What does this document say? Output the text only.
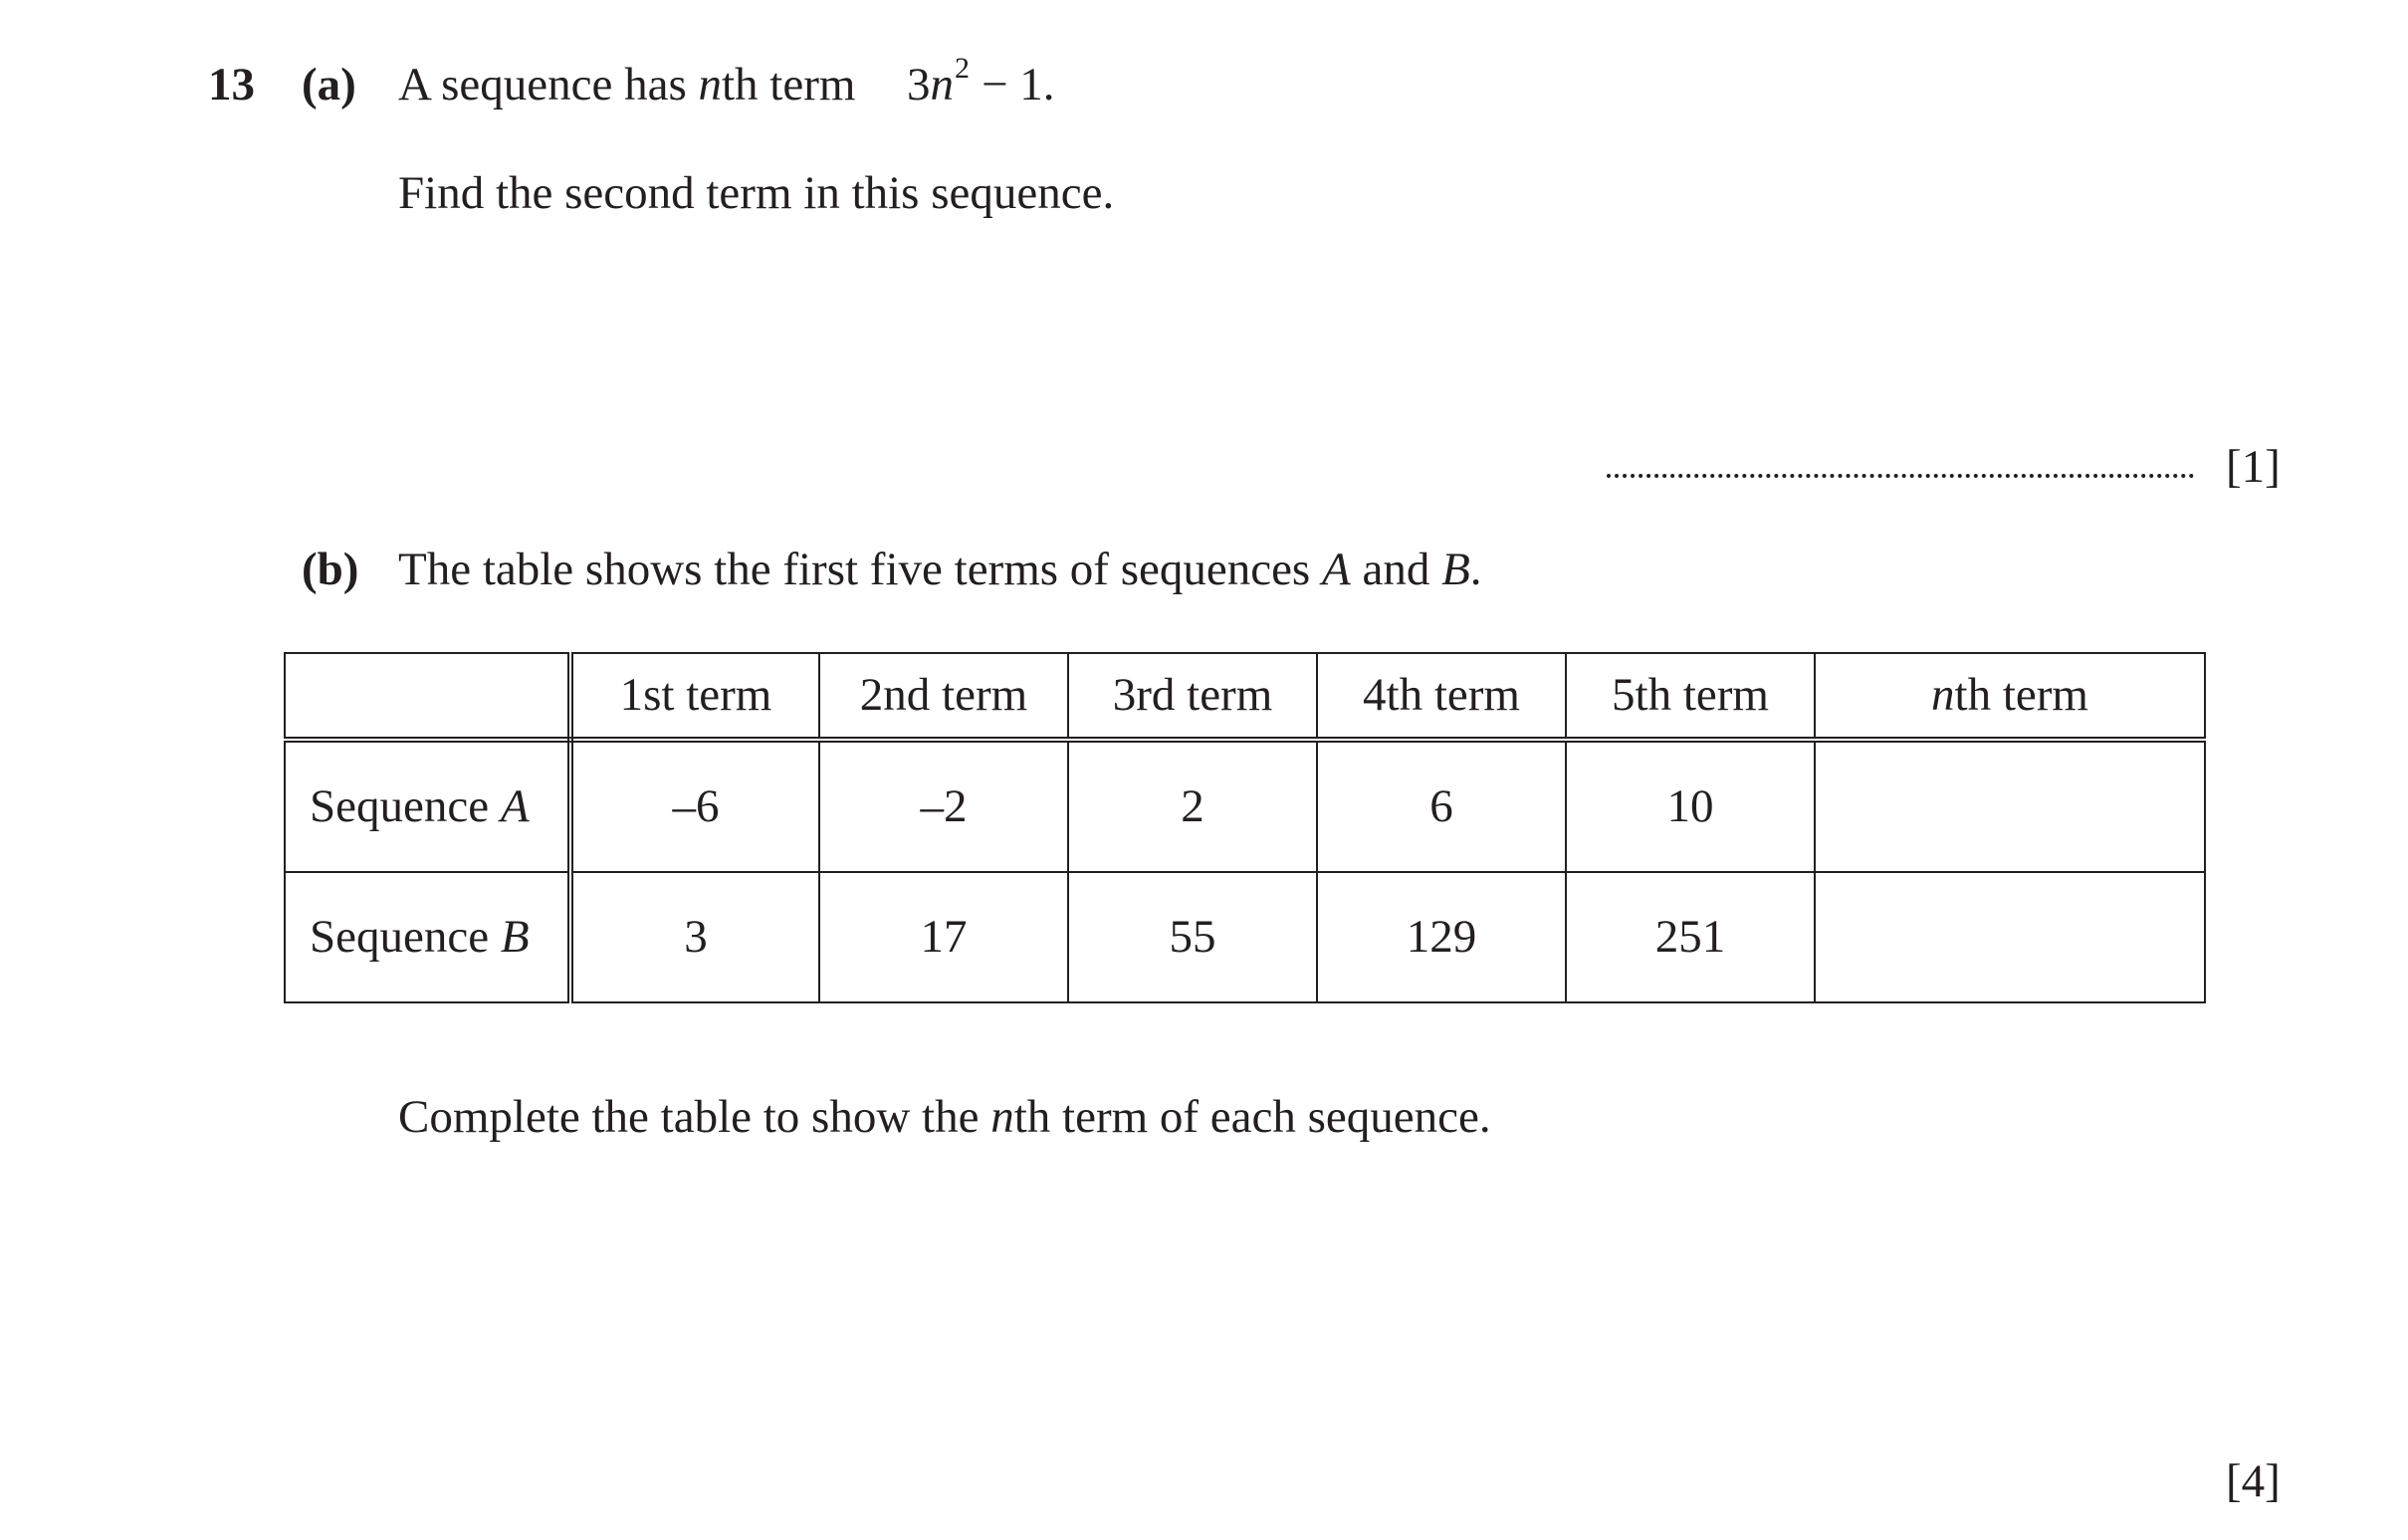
13 (a) A sequence has nth term $3n^2 - 1$.
Find the second term in this sequence.
[1]
(b) The table shows the first five terms of sequences A and B.
	1st term	2nd term	3rd term	4th term	5th term	nth term
Sequence A	–6	–2	2	6	10	
Sequence B	3	17	55	129	251	
Complete the table to show the nth term of each sequence.
[4]
